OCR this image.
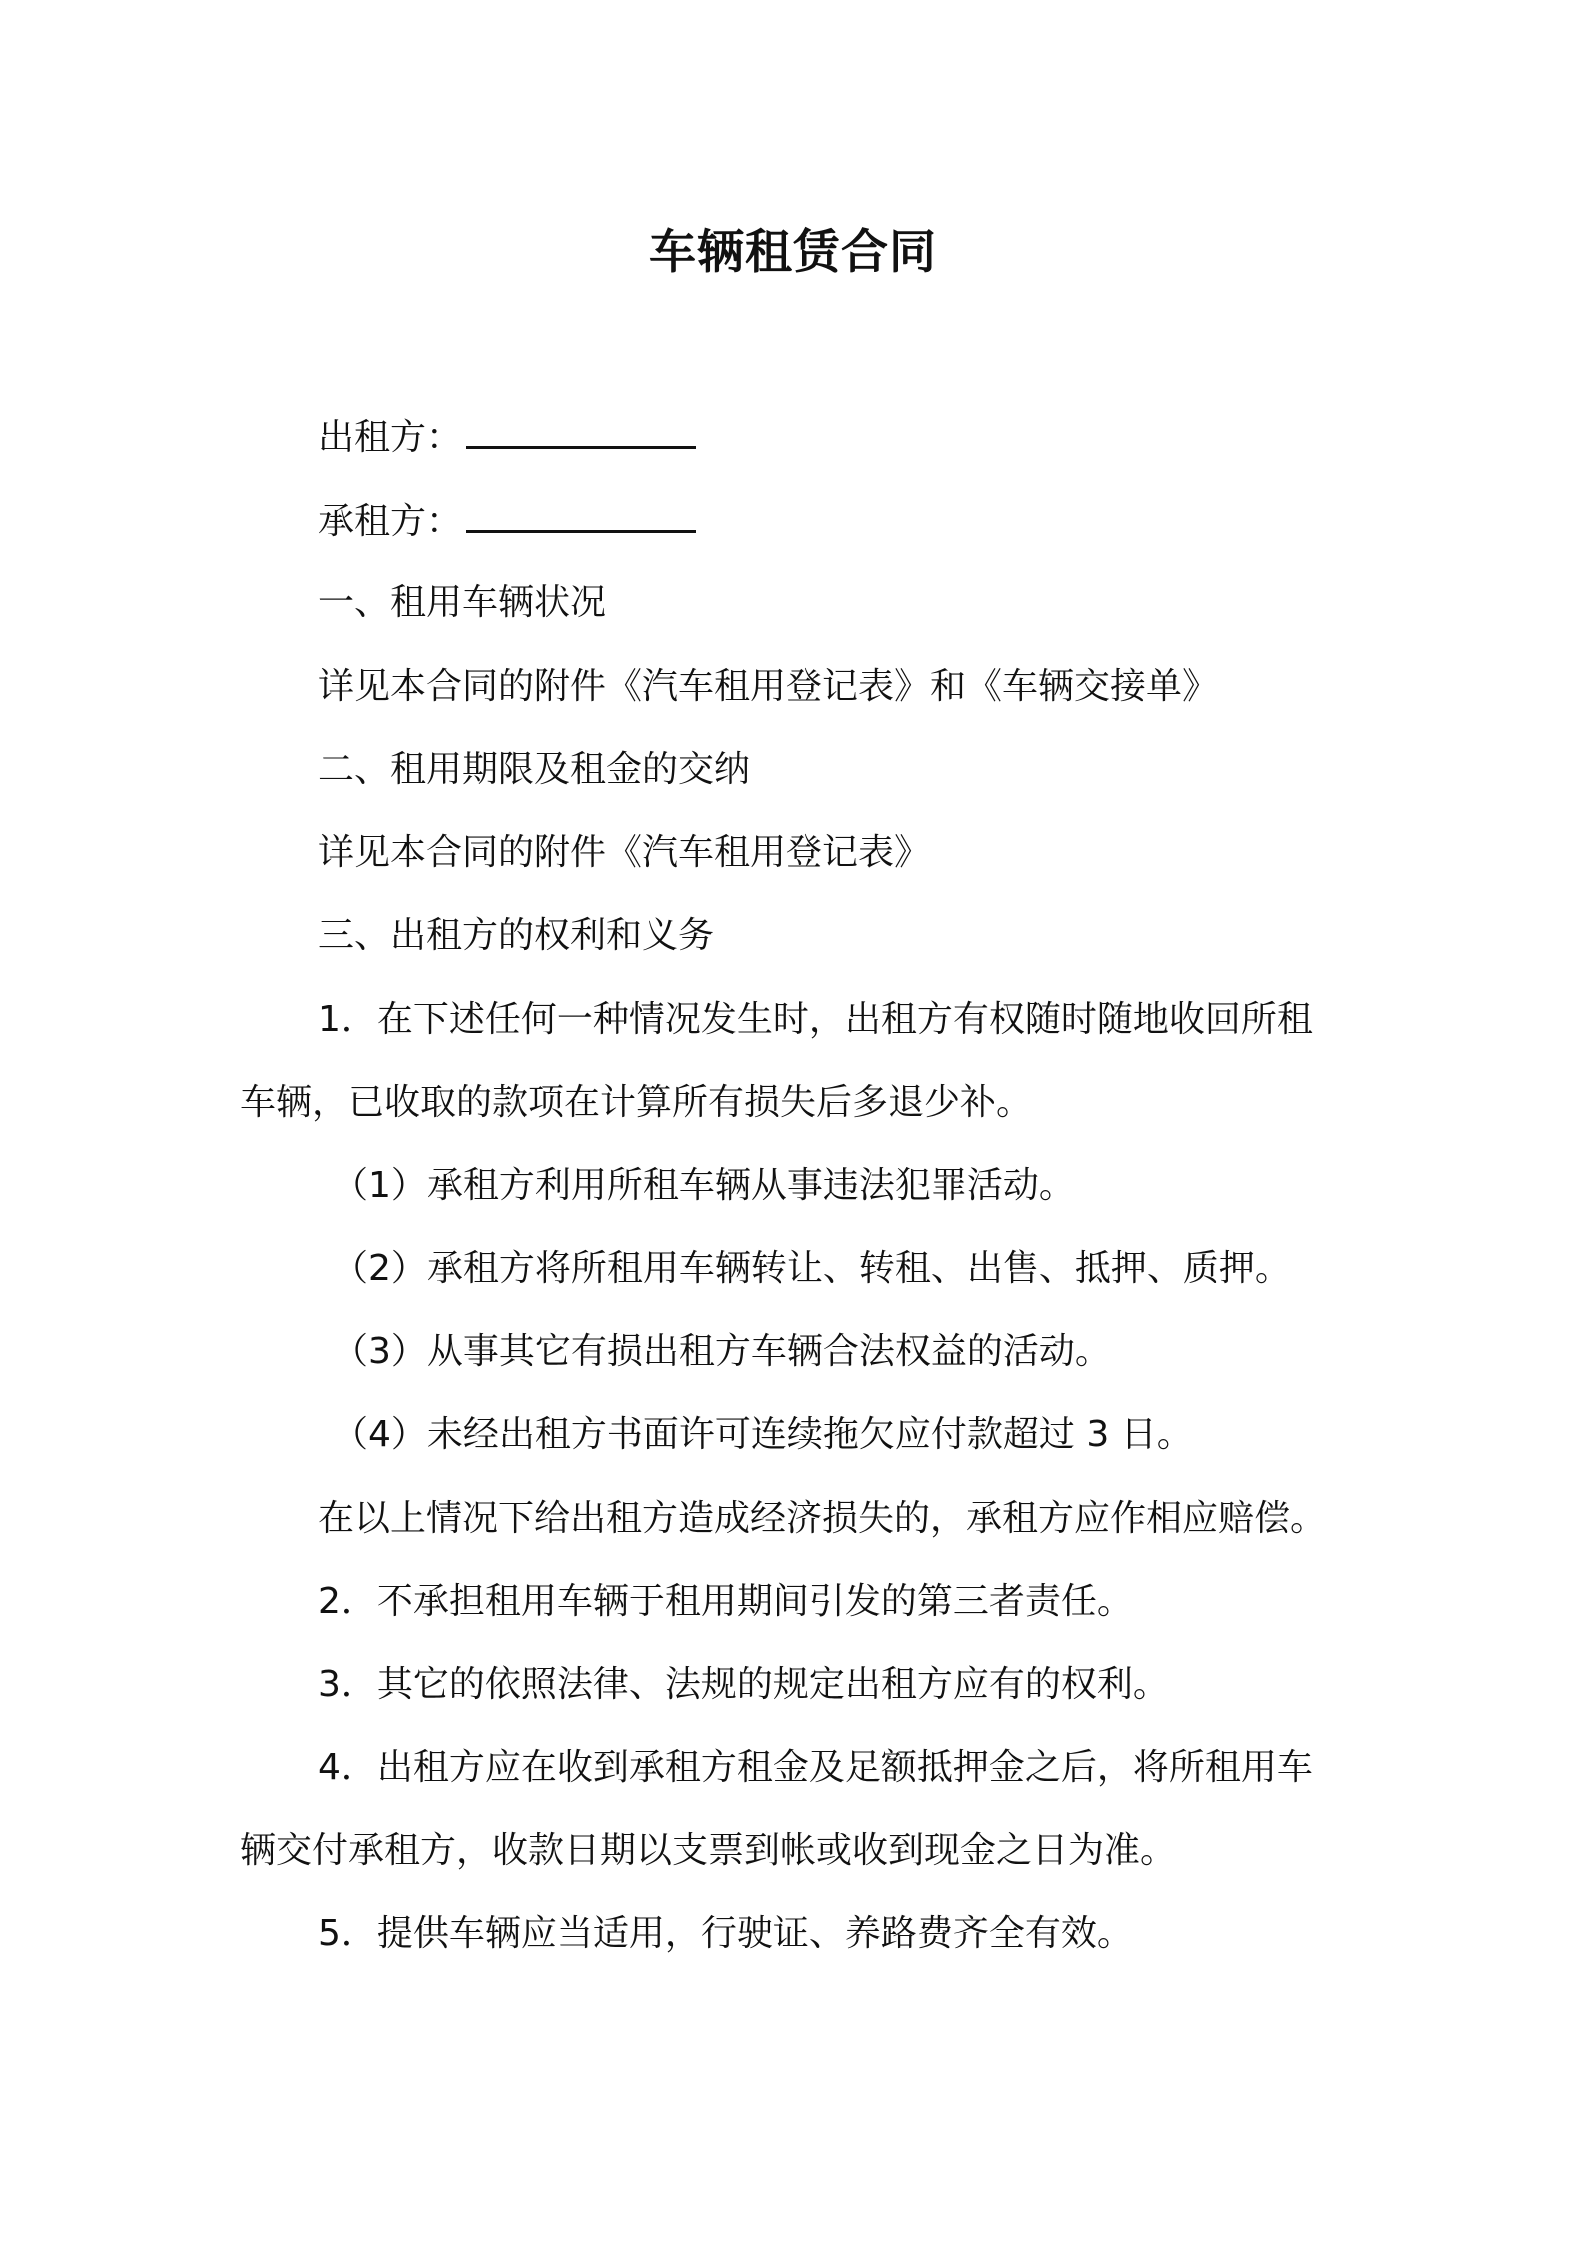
车辆租赁合同
出租方：
承租方：
一、租用车辆状况
详见本合同的附件《汽车租用登记表》和《车辆交接单》
二、租用期限及租金的交纳
详见本合同的附件《汽车租用登记表》
三、出租方的权利和义务
1．在下述任何一种情况发生时，出租方有权随时随地收回所租
车辆，已收取的款项在计算所有损失后多退少补。
（1）承租方利用所租车辆从事违法犯罪活动。
（2）承租方将所租用车辆转让、转租、出售、抵押、质押。
（3）从事其它有损出租方车辆合法权益的活动。
（4）未经出租方书面许可连续拖欠应付款超过 3 日。
在以上情况下给出租方造成经济损失的，承租方应作相应赔偿。
2．不承担租用车辆于租用期间引发的第三者责任。
3．其它的依照法律、法规的规定出租方应有的权利。
4．出租方应在收到承租方租金及足额抵押金之后，将所租用车
辆交付承租方，收款日期以支票到帐或收到现金之日为准。
5．提供车辆应当适用，行驶证、养路费齐全有效。
